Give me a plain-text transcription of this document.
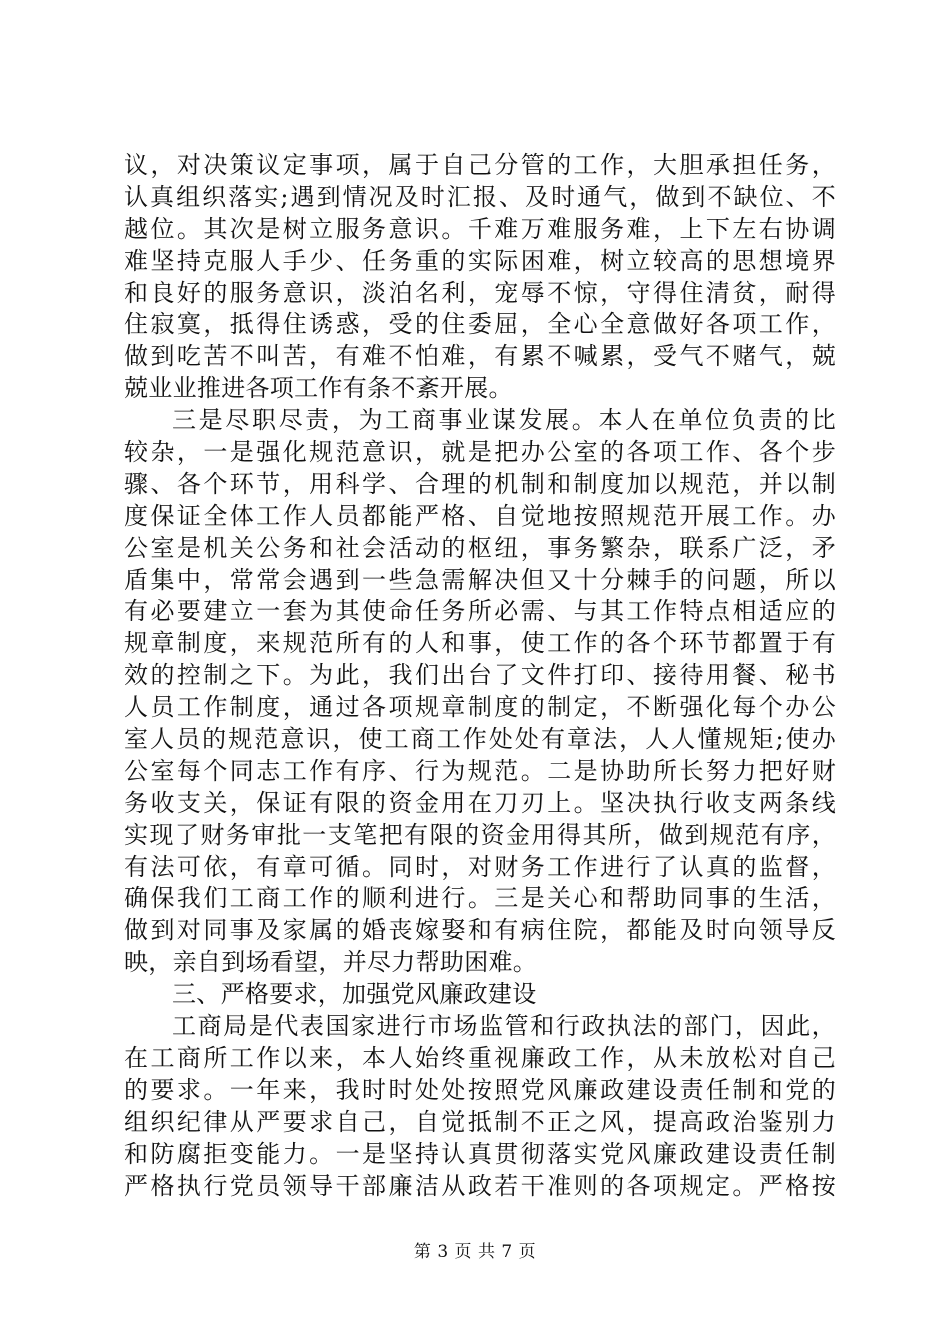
议，对决策议定事项，属于自己分管的工作，大胆承担任务，
认真组织落实;遇到情况及时汇报、及时通气，做到不缺位、不
越位。其次是树立服务意识。千难万难服务难，上下左右协调
难坚持克服人手少、任务重的实际困难，树立较高的思想境界
和良好的服务意识，淡泊名利，宠辱不惊，守得住清贫，耐得
住寂寞，抵得住诱惑，受的住委屈，全心全意做好各项工作，
做到吃苦不叫苦，有难不怕难，有累不喊累，受气不赌气，兢
兢业业推进各项工作有条不紊开展。
三是尽职尽责，为工商事业谋发展。本人在单位负责的比
较杂，一是强化规范意识，就是把办公室的各项工作、各个步
骤、各个环节，用科学、合理的机制和制度加以规范，并以制
度保证全体工作人员都能严格、自觉地按照规范开展工作。办
公室是机关公务和社会活动的枢纽，事务繁杂，联系广泛，矛
盾集中，常常会遇到一些急需解决但又十分棘手的问题，所以
有必要建立一套为其使命任务所必需、与其工作特点相适应的
规章制度，来规范所有的人和事，使工作的各个环节都置于有
效的控制之下。为此，我们出台了文件打印、接待用餐、秘书
人员工作制度，通过各项规章制度的制定，不断强化每个办公
室人员的规范意识，使工商工作处处有章法，人人懂规矩;使办
公室每个同志工作有序、行为规范。二是协助所长努力把好财
务收支关，保证有限的资金用在刀刃上。坚决执行收支两条线
实现了财务审批一支笔把有限的资金用得其所，做到规范有序，
有法可依，有章可循。同时，对财务工作进行了认真的监督，
确保我们工商工作的顺利进行。三是关心和帮助同事的生活，
做到对同事及家属的婚丧嫁娶和有病住院，都能及时向领导反
映，亲自到场看望，并尽力帮助困难。
三、严格要求，加强党风廉政建设
工商局是代表国家进行市场监管和行政执法的部门，因此，
在工商所工作以来，本人始终重视廉政工作，从未放松对自己
的要求。一年来，我时时处处按照党风廉政建设责任制和党的
组织纪律从严要求自己，自觉抵制不正之风，提高政治鉴别力
和防腐拒变能力。一是坚持认真贯彻落实党风廉政建设责任制
严格执行党员领导干部廉洁从政若干准则的各项规定。严格按
第 3 页 共 7 页
